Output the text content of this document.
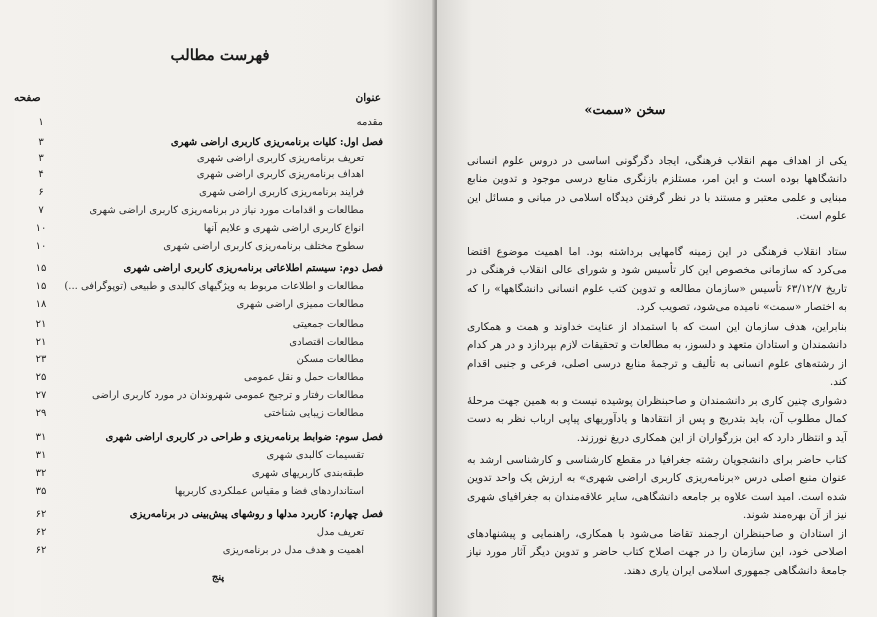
فهرست مطالب
عنوان
صفحه
مقدمه
۱
فصل اول: کلیات برنامه‌ریزی کاربری اراضی شهری
۳
تعریف برنامه‌ریزی کاربری اراضی شهری
۳
اهداف برنامه‌ریزی کاربری اراضی شهری
۴
فرایند برنامه‌ریزی کاربری اراضی شهری
۶
مطالعات و اقدامات مورد نیاز در برنامه‌ریزی کاربری اراضی شهری
۷
انواع کاربری اراضی شهری و علایم آنها
۱۰
سطوح مختلف برنامه‌ریزی کاربری اراضی شهری
۱۰
فصل دوم: سیستم اطلاعاتی برنامه‌ریزی کاربری اراضی شهری
۱۵
مطالعات و اطلاعات مربوط به ویژگیهای کالبدی و طبیعی (توپوگرافی ...)
۱۵
مطالعات ممیزی اراضی شهری
۱۸
مطالعات جمعیتی
۲۱
مطالعات اقتصادی
۲۱
مطالعات مسکن
۲۳
مطالعات حمل و نقل عمومی
۲۵
مطالعات رفتار و ترجیح عمومی شهروندان در مورد کاربری اراضی
۲۷
مطالعات زیبایی شناختی
۲۹
فصل سوم: ضوابط برنامه‌ریزی و طراحی در کاربری اراضی شهری
۳۱
تقسیمات کالبدی شهری
۳۱
طبقه‌بندی کاربریهای شهری
۳۲
استانداردهای فضا و مقیاس عملکردی کاربریها
۳۵
فصل چهارم: کاربرد مدلها و روشهای پیش‌بینی در برنامه‌ریزی
۶۲
تعریف مدل
۶۲
اهمیت و هدف مدل در برنامه‌ریزی
۶۲
پنج
سخن «سمت»
یکی از اهداف مهم انقلاب فرهنگی، ایجاد دگرگونی اساسی در دروس علوم انسانی دانشگاهها بوده است و این امر، مستلزم بازنگری منابع درسی موجود و تدوین منابع مبنایی و علمی معتبر و مستند با در نظر گرفتن دیدگاه اسلامی در مبانی و مسائل این علوم است.
ستاد انقلاب فرهنگی در این زمینه گامهایی برداشته بود. اما اهمیت موضوع اقتضا می‌کرد که سازمانی مخصوص این کار تأسیس شود و شورای عالی انقلاب فرهنگی در تاریخ ۶۳/۱۲/۷ تأسیس «سازمان مطالعه و تدوین کتب علوم انسانی دانشگاهها» را که به اختصار «سمت» نامیده می‌شود، تصویب کرد.
بنابراین، هدف سازمان این است که با استمداد از عنایت خداوند و همت و همکاری دانشمندان و استادان متعهد و دلسوز، به مطالعات و تحقیقات لازم بپردازد و در هر کدام از رشته‌های علوم انسانی به تألیف و ترجمهٔ منابع درسی اصلی، فرعی و جنبی اقدام کند.
دشواری چنین کاری بر دانشمندان و صاحبنظران پوشیده نیست و به همین جهت مرحلهٔ کمال مطلوب آن، باید بتدریج و پس از انتقادها و یادآوریهای پیاپی ارباب نظر به دست آید و انتظار دارد که این بزرگواران از این همکاری دریغ نورزند.
کتاب حاضر برای دانشجویان رشته جغرافیا در مقطع کارشناسی و کارشناسی ارشد به عنوان منبع اصلی درس «برنامه‌ریزی کاربری اراضی شهری» به ارزش یک واحد تدوین شده است. امید است علاوه بر جامعه دانشگاهی، سایر علاقه‌مندان به جغرافیای شهری نیز از آن بهره‌مند شوند.
از استادان و صاحبنظران ارجمند تقاضا می‌شود با همکاری، راهنمایی و پیشنهادهای اصلاحی خود، این سازمان را در جهت اصلاح کتاب حاضر و تدوین دیگر آثار مورد نیاز جامعهٔ دانشگاهی جمهوری اسلامی ایران یاری دهند.
